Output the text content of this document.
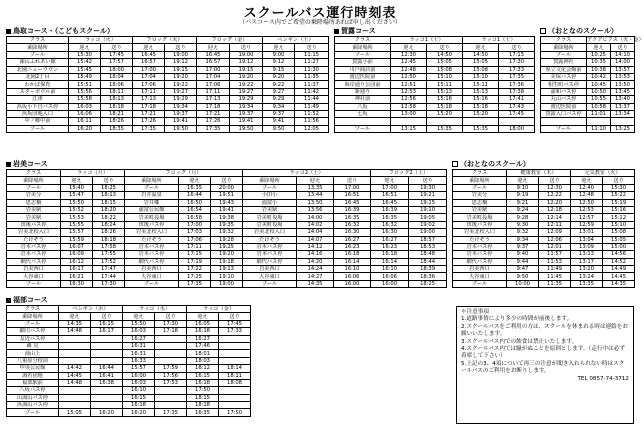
スクールバス運行時刻表
（バスコース内でご希望の乗降場所あれば申し出ください）
鳥取コース・（こどもスクール）	賀露コース	（おとなのスクール）
岩美コース	（おとなのスクール）
福部コース
クラス	ラッコ（火）		フロッグ（火）		フロッグ（金）		ペンギン（土）	
乗降場所	迎え	送り	迎え	送り	迎え	送り	迎え	送り
プール	15:30	17:45	16:45	19:00	16:45	19:00	9:00	11:15
湖山ふれあい館	15:42	17:57	16:57	19:12	16:57	19:12	9:12	11:27
北園ニューウウン	15:45	18:00	17:00	19:15	17:00	19:15	9:15	11:30
北園2丁目	15:49	18:04	17:04	19:20	17:04	19:20	9:20	11:35
わかば保育	15:51	18:06	17:06	19:22	17:06	19:22	9:22	11:37
スターボウル前	15:56	18:11	17:11	19:27	17:11	19:27	9:27	11:42
江津	15:58	18:13	17:13	19:29	17:13	19:29	9:29	11:44
浜坂小下自バス停	16:03	18:18	17:18	19:34	17:18	19:34	9:34	11:49
浜坂団地入口	16:06	18:21	17:21	19:37	17:21	19:37	9:37	11:52
中ノ郷中前	16:11	18:26	17:26	19:41	17:26	19:41	9:41	11:56
プール	16:20	18:35	17:35	19:50	17:35	19:50	9:50	12:05
クラス	ラッコ1（土）		ラッコ1（土）	
乗降場所	迎え	送り	迎え	送り
プール	12:30	14:50	14:50	17:15
賀露小前	12:45	15:05	15:05	17:30
川戸商店前	12:48	15:08	15:08	17:33
渡辺医院前	12:50	15:10	15:10	17:35
海岸通り公団前	12:51	15:11	15:11	17:36
新通り	12:53	15:13	15:13	17:38
神社前	12:56	15:16	15:16	17:41
八坂	12:58	15:18	15:18	17:43
七坂	13:00	15:20	15:20	17:45

プール	13:15	15:35	15:35	18:00
クラス	アクアビクス（火・金）	
乗降場所	迎え	送り
プール	10:25	14:10
賀露神社	10:35	14:00
県立文化会館前	10:38	13:57
美保バス停	10:42	13:53
相生町バス停	10:45	13:50
浦和バス停	10:50	13:45
丸山バス停	10:55	13:40
渡辺医院前	10:58	13:37
賀露入口バス停	11:01	13:34

プール	11:10	13:25
クラス	ラッコ（月）		フロッグ（月）			ラッコ2（土）			フロッグ2（土）	
乗降場所	迎え	送り	乗降場所	迎え	送り	乗降場所	迎え	送り	迎え	送り
プール	15:40	18:25	プール	16:35	20:00	プール	13:35	17:00	17:00	19:30
岩美分	15:47	18:13	岩井温泉	16:44	19:51	小田小	13:44	16:51	16:51	19:21
恩志橋	15:50	18:15	岩井郷	16:50	19:43	浦富小	13:50	16:45	16:45	19:15
岩美駅	15:52	18:20	浦富公民館	16:54	19:41	岩美駅	13:56	16:39	16:39	19:10
岩美駅	15:53	18:22	岩美町役場	16:58	19:38	岩美町役場	14:00	16:35	16:35	19:05
田後バス停	15:55	18:24	田後バス停	17:00	19:35	岩美町役場	14:02	16:32	16:32	19:02
岩美北校入口	15:57	18:26	岩美北校入口	17:03	19:32	岩美北校入口	14:04	16:30	16:30	19:00
たけぞう	15:59	18:18	たけぞう	17:06	19:28	たけぞう	14:07	16:27	16:27	18:57
岩本バス停	16:07	17:58	岩本バス停	17:11	19:25	岩本バス停	14:12	16:23	16:23	18:53
岩本バス停	16:09	17:55	岩本バス停	17:15	19:20	岩本バス停	14:16	16:18	16:18	18:48
網代バス停	16:12	17:52	網代バス停	17:19	19:18	網代バス停	14:20	16:14	16:14	18:44
岩美西口	16:17	17:47	岩美西口	17:22	19:13	岩美西口	14:24	16:10	16:10	18:39
大谷東口	16:21	17:44	大谷東口	17:25	19:10	大谷東口	14:27	16:06	16:06	18:36
プール	16:30	17:30	プール	17:35	19:00	プール	14:35	16:00	16:00	18:25
クラス	健康教室（木）		元気教室（火）	
乗降場所	迎え	送り	迎え	送り
プール	9:10	12:30	12:40	15:30
岩美分	9:19	12:22	12:48	15:22
恩志橋	9:21	12:20	12:50	15:19
岩美駅	9:24	12:18	12:53	15:16
岩美町役場	9:28	12:14	12:57	15:12
田後バス停	9:30	12:11	12:59	15:10
岩美北校入口	9:32	12:09	13:01	15:08
たけぞう	9:34	12:06	13:04	15:05
岩本バス停	9:37	12:01	13:09	15:00
岩本バス停	9:40	11:57	13:13	14:56
網代バス停	9:44	11:53	13:17	14:52
岩美西口	9:47	11:49	13:20	14:49
大谷東口	9:50	11:45	13:24	14:45
プール	10:00	11:35	13:35	14:35
クラス	ペンギン（水）		ラッコ（水）		ラッコ（金）	
乗降場所	迎え	送り	迎え	送り	迎え	送り
プール	14:35	16:15	15:50	17:30	16:05	17:45
細川バス停	14:48	16:17	16:03	17:18	16:18	17:33
友近バス停			16:27		16:27	
蔵 見			16:31		17:46	
湯山上			16:31		18:01	
八重原分校前			16:33		18:03	
中央公民館	14:42	16:44	15:57	17:59	16:12	18:14
湯若団地	14:45	16:41	16:00	17:56	16:15	18:11
福部駅前	14:48	16:38	16:03	17:53	16:18	18:08
八坂バス停			16:10		17:50	
山湯山バス停			16:15		18:15	
浜湯山バス停			16:18		18:18	
プール	15:05	16:20	16:20	17:35	16:35	17:50
＊注意事項
1.道路事情により多少の時間が前後します。
2.スクールバスをご利用の方は、スクールを休まれる時は連絡をお願いいたします。
3.スクールバス内での飲食は禁止いたします。
4.スクールバス内では騒がぬことを原則とします。（走行中は必ず着席して下さい）
5.上記の3、4項について再三の注意が聞き入れられない時はスクールバスのご利用をお断りします。
TEL 0857-74-3712
